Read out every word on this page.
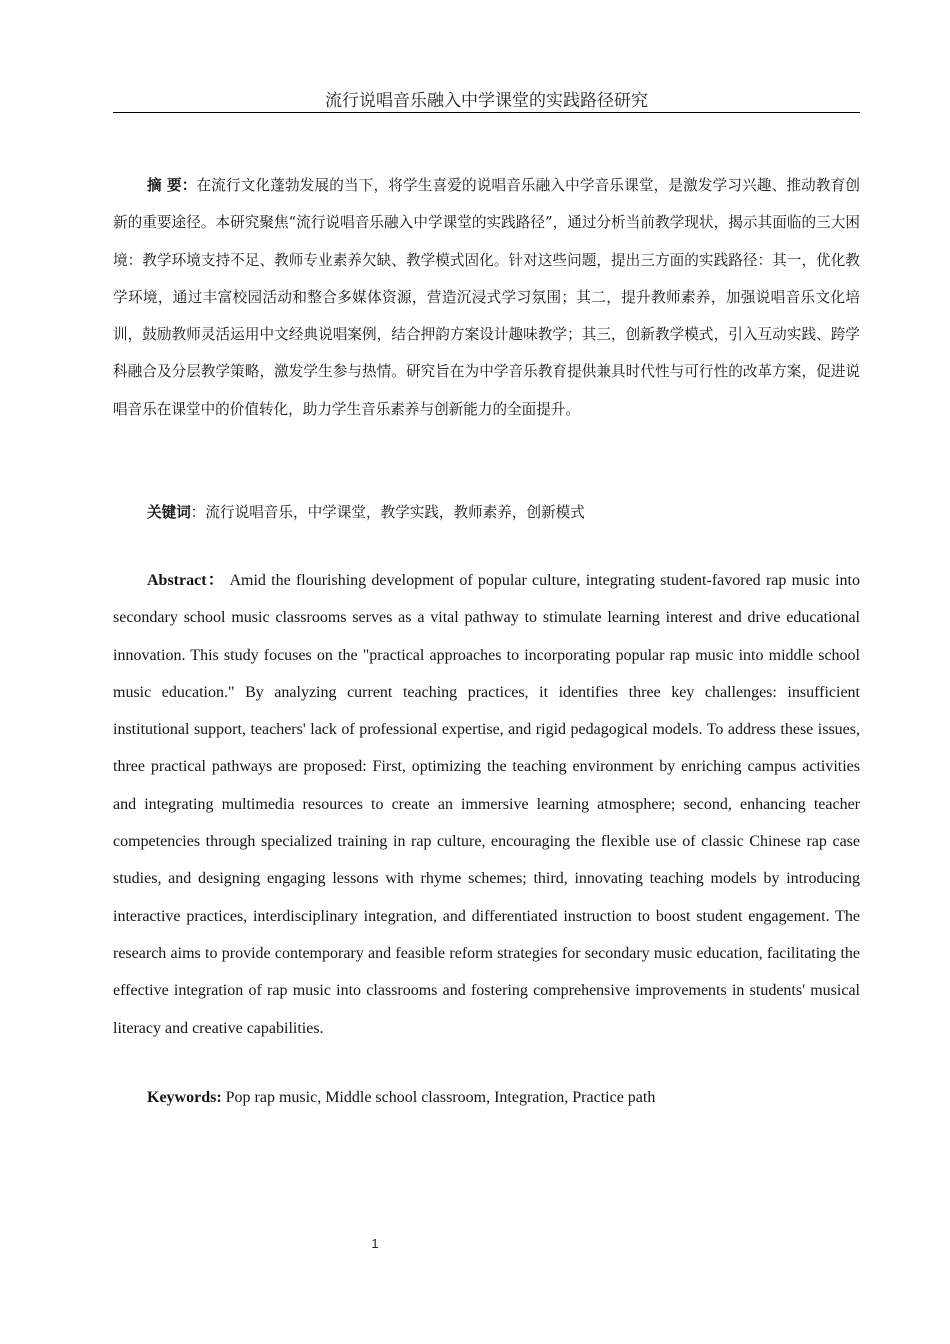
流行说唱音乐融入中学课堂的实践路径研究

摘 要：在流行文化蓬勃发展的当下，将学生喜爱的说唱音乐融入中学音乐课堂，是激发学习兴趣、推动教育创新的重要途径。本研究聚焦“流行说唱音乐融入中学课堂的实践路径”，通过分析当前教学现状，揭示其面临的三大困境：教学环境支持不足、教师专业素养欠缺、教学模式固化。针对这些问题，提出三方面的实践路径：其一，优化教学环境，通过丰富校园活动和整合多媒体资源，营造沉浸式学习氛围；其二，提升教师素养，加强说唱音乐文化培训，鼓励教师灵活运用中文经典说唱案例，结合押韵方案设计趣味教学；其三，创新教学模式，引入互动实践、跨学科融合及分层教学策略，激发学生参与热情。研究旨在为中学音乐教育提供兼具时代性与可行性的改革方案，促进说唱音乐在课堂中的价值转化，助力学生音乐素养与创新能力的全面提升。

关键词：流行说唱音乐，中学课堂，教学实践，教师素养，创新模式

Abstract： Amid the flourishing development of popular culture, integrating student-favored rap music into secondary school music classrooms serves as a vital pathway to stimulate learning interest and drive educational innovation. This study focuses on the "practical approaches to incorporating popular rap music into middle school music education." By analyzing current teaching practices, it identifies three key challenges: insufficient institutional support, teachers' lack of professional expertise, and rigid pedagogical models. To address these issues, three practical pathways are proposed: First, optimizing the teaching environment by enriching campus activities and integrating multimedia resources to create an immersive learning atmosphere; second, enhancing teacher competencies through specialized training in rap culture, encouraging the flexible use of classic Chinese rap case studies, and designing engaging lessons with rhyme schemes; third, innovating teaching models by introducing interactive practices, interdisciplinary integration, and differentiated instruction to boost student engagement. The research aims to provide contemporary and feasible reform strategies for secondary music education, facilitating the effective integration of rap music into classrooms and fostering comprehensive improvements in students' musical literacy and creative capabilities.

Keywords: Pop rap music, Middle school classroom, Integration, Practice path

1
